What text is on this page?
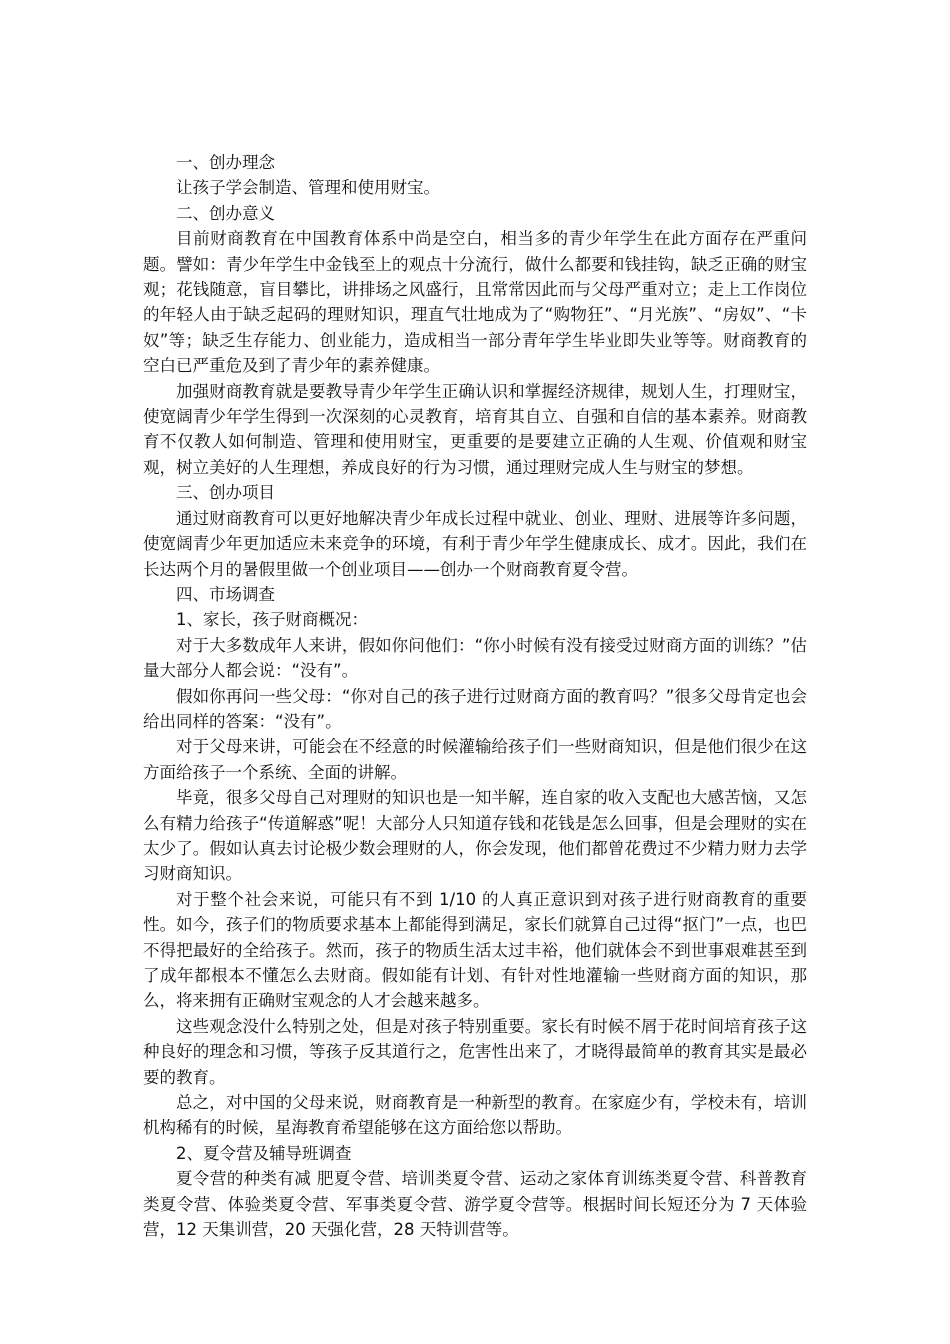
一、创办理念

让孩子学会制造、管理和使用财宝。

二、创办意义

目前财商教育在中国教育体系中尚是空白，相当多的青少年学生在此方面存在严重问题。譬如：青少年学生中金钱至上的观点十分流行，做什么都要和钱挂钩，缺乏正确的财宝观；花钱随意，盲目攀比，讲排场之风盛行，且常常因此而与父母严重对立；走上工作岗位的年轻人由于缺乏起码的理财知识，理直气壮地成为了“购物狂”、“月光族”、“房奴”、“卡奴”等；缺乏生存能力、创业能力，造成相当一部分青年学生毕业即失业等等。财商教育的空白已严重危及到了青少年的素养健康。

加强财商教育就是要教导青少年学生正确认识和掌握经济规律，规划人生，打理财宝，使宽阔青少年学生得到一次深刻的心灵教育，培育其自立、自强和自信的基本素养。财商教育不仅教人如何制造、管理和使用财宝，更重要的是要建立正确的人生观、价值观和财宝观，树立美好的人生理想，养成良好的行为习惯，通过理财完成人生与财宝的梦想。

三、创办项目

通过财商教育可以更好地解决青少年成长过程中就业、创业、理财、进展等许多问题，使宽阔青少年更加适应未来竞争的环境，有利于青少年学生健康成长、成才。因此，我们在长达两个月的暑假里做一个创业项目——创办一个财商教育夏令营。

四、市场调查

1、家长，孩子财商概况：

对于大多数成年人来讲，假如你问他们：“你小时候有没有接受过财商方面的训练？”估量大部分人都会说：“没有”。

假如你再问一些父母：“你对自己的孩子进行过财商方面的教育吗？”很多父母肯定也会给出同样的答案：“没有”。

对于父母来讲，可能会在不经意的时候灌输给孩子们一些财商知识，但是他们很少在这方面给孩子一个系统、全面的讲解。

毕竟，很多父母自己对理财的知识也是一知半解，连自家的收入支配也大感苦恼，又怎么有精力给孩子“传道解惑”呢！大部分人只知道存钱和花钱是怎么回事，但是会理财的实在太少了。假如认真去讨论极少数会理财的人，你会发现，他们都曾花费过不少精力财力去学习财商知识。

对于整个社会来说，可能只有不到 1/10 的人真正意识到对孩子进行财商教育的重要性。如今，孩子们的物质要求基本上都能得到满足，家长们就算自己过得“抠门”一点，也巴不得把最好的全给孩子。然而，孩子的物质生活太过丰裕，他们就体会不到世事艰难甚至到了成年都根本不懂怎么去财商。假如能有计划、有针对性地灌输一些财商方面的知识，那么，将来拥有正确财宝观念的人才会越来越多。

这些观念没什么特别之处，但是对孩子特别重要。家长有时候不屑于花时间培育孩子这种良好的理念和习惯，等孩子反其道行之，危害性出来了，才晓得最简单的教育其实是最必要的教育。

总之，对中国的父母来说，财商教育是一种新型的教育。在家庭少有，学校未有，培训机构稀有的时候，星海教育希望能够在这方面给您以帮助。

2、夏令营及辅导班调查

夏令营的种类有减 肥夏令营、培训类夏令营、运动之家体育训练类夏令营、科普教育类夏令营、体验类夏令营、军事类夏令营、游学夏令营等。根据时间长短还分为 7 天体验营，12 天集训营，20 天强化营，28 天特训营等。
